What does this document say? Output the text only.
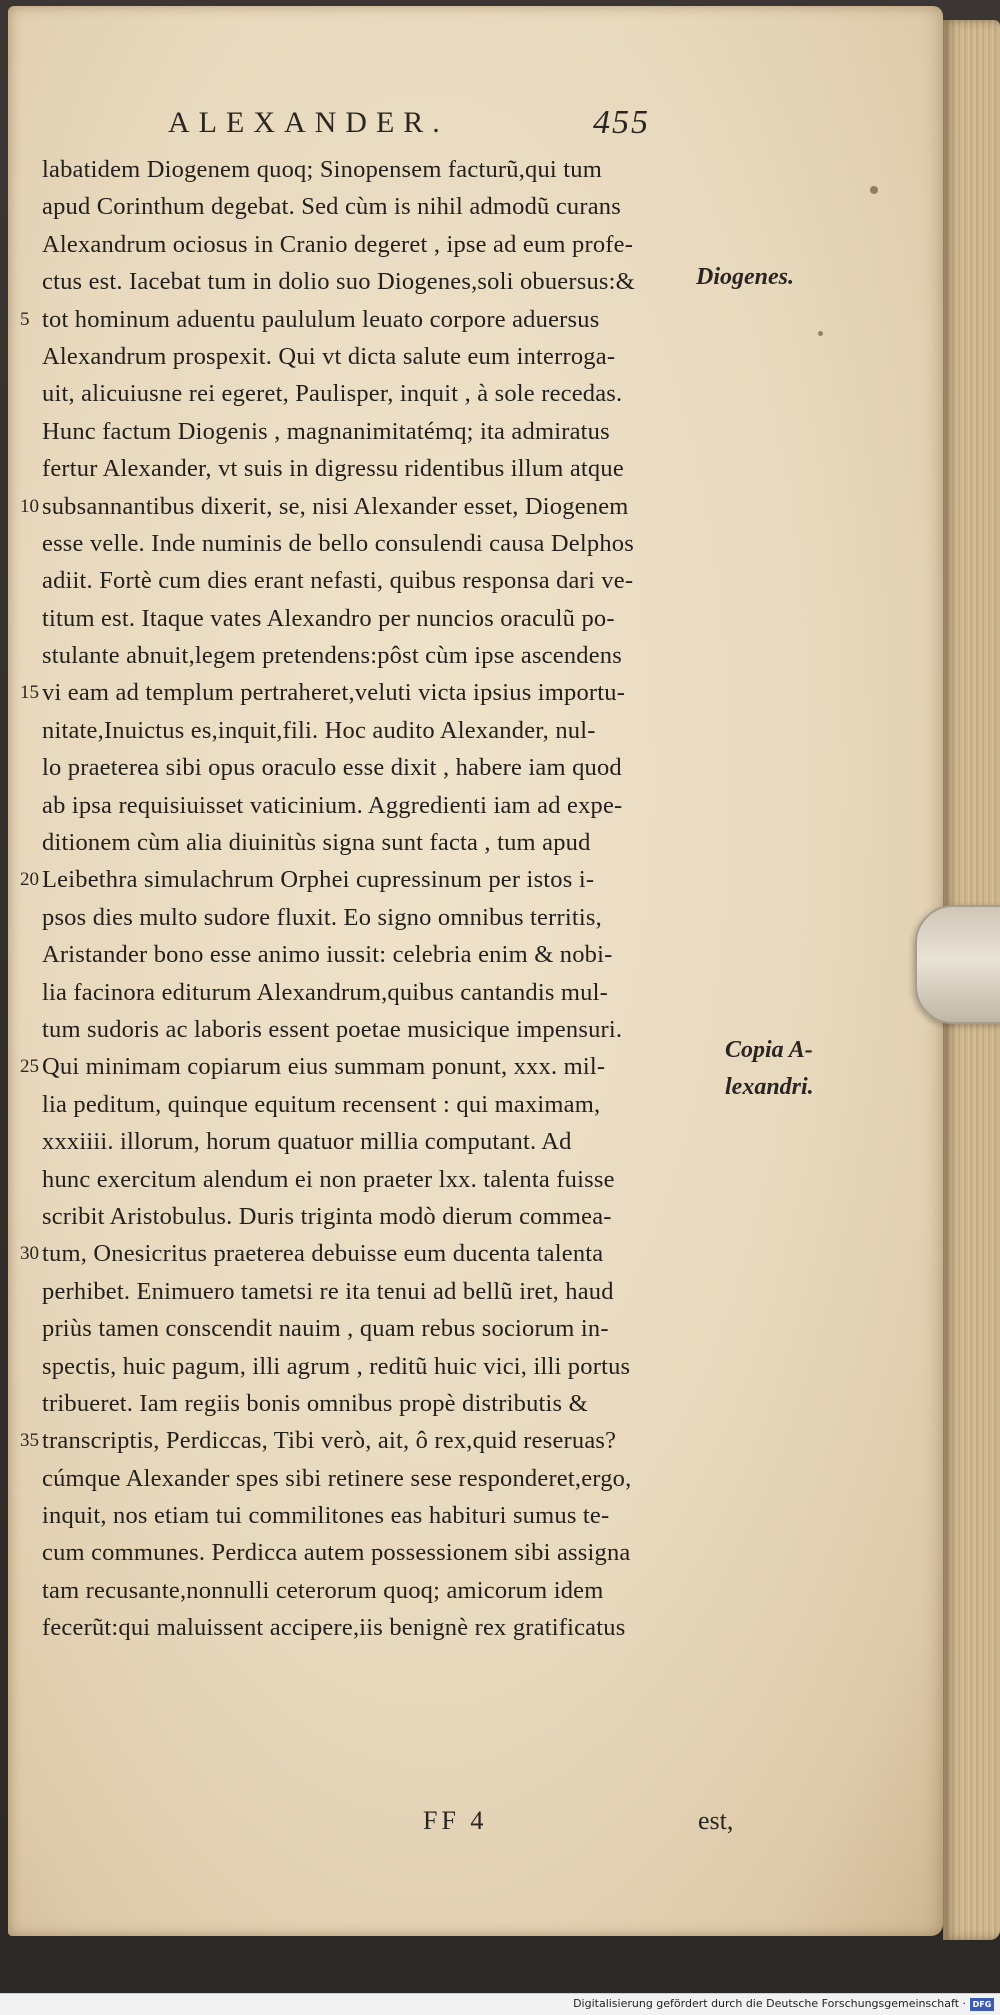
ALEXANDER.	455
labatidem Diogenem quoq; Sinopensem facturũ,qui tum
apud Corinthum degebat. Sed cùm is nihil admodũ curans
Alexandrum ociosus in Cranio degeret , ipse ad eum profe-
ctus est. Iacebat tum in dolio suo Diogenes,soli obuersus:&
5 tot hominum aduentu paululum leuato corpore aduersus
Alexandrum prospexit. Qui vt dicta salute eum interroga-
uit, alicuiusne rei egeret, Paulisper, inquit , à sole recedas.
Hunc factum Diogenis , magnanimitatémq; ita admiratus
fertur Alexander, vt suis in digressu ridentibus illum atque
10 subsannantibus dixerit, se, nisi Alexander esset, Diogenem
esse velle. Inde numinis de bello consulendi causa Delphos
adiit. Fortè cum dies erant nefasti, quibus responsa dari ve-
titum est. Itaque vates Alexandro per nuncios oraculũ po-
stulante abnuit,legem pretendens:pôst cùm ipse ascendens
15 vi eam ad templum pertraheret,veluti victa ipsius importu-
nitate,Inuictus es,inquit,fili. Hoc audito Alexander, nul-
lo praeterea sibi opus oraculo esse dixit , habere iam quod
ab ipsa requisiuisset vaticinium. Aggredienti iam ad expe-
ditionem cùm alia diuinitùs signa sunt facta , tum apud
20 Leibethra simulachrum Orphei cupressinum per istos i-
psos dies multo sudore fluxit. Eo signo omnibus territis,
Aristander bono esse animo iussit: celebria enim & nobi-
lia facinora editurum Alexandrum,quibus cantandis mul-
tum sudoris ac laboris essent poetae musicique impensuri.
25 Qui minimam copiarum eius summam ponunt, xxx. mil-
lia peditum, quinque equitum recensent : qui maximam,
xxxiiii. illorum, horum quatuor millia computant. Ad
hunc exercitum alendum ei non praeter lxx. talenta fuisse
scribit Aristobulus. Duris triginta modò dierum commea-
30 tum, Onesicritus praeterea debuisse eum ducenta talenta
perhibet. Enimuero tametsi re ita tenui ad bellũ iret, haud
priùs tamen conscendit nauim , quam rebus sociorum in-
spectis, huic pagum, illi agrum , reditũ huic vici, illi portus
tribueret. Iam regiis bonis omnibus propè distributis &
35 transcriptis, Perdiccas, Tibi verò, ait, ô rex,quid reseruas?
cúmque Alexander spes sibi retinere sese responderet,ergo,
inquit, nos etiam tui commilitones eas habituri sumus te-
cum communes. Perdicca autem possessionem sibi assigna
tam recusante,nonnulli ceterorum quoq; amicorum idem
fecerũt:qui maluissent accipere,iis benignè rex gratificatus
Diogenes.
Copia A-
lexandri.
FF 4	est,
Digitalisierung gefördert durch die Deutsche Forschungsgemeinschaft · DFG
